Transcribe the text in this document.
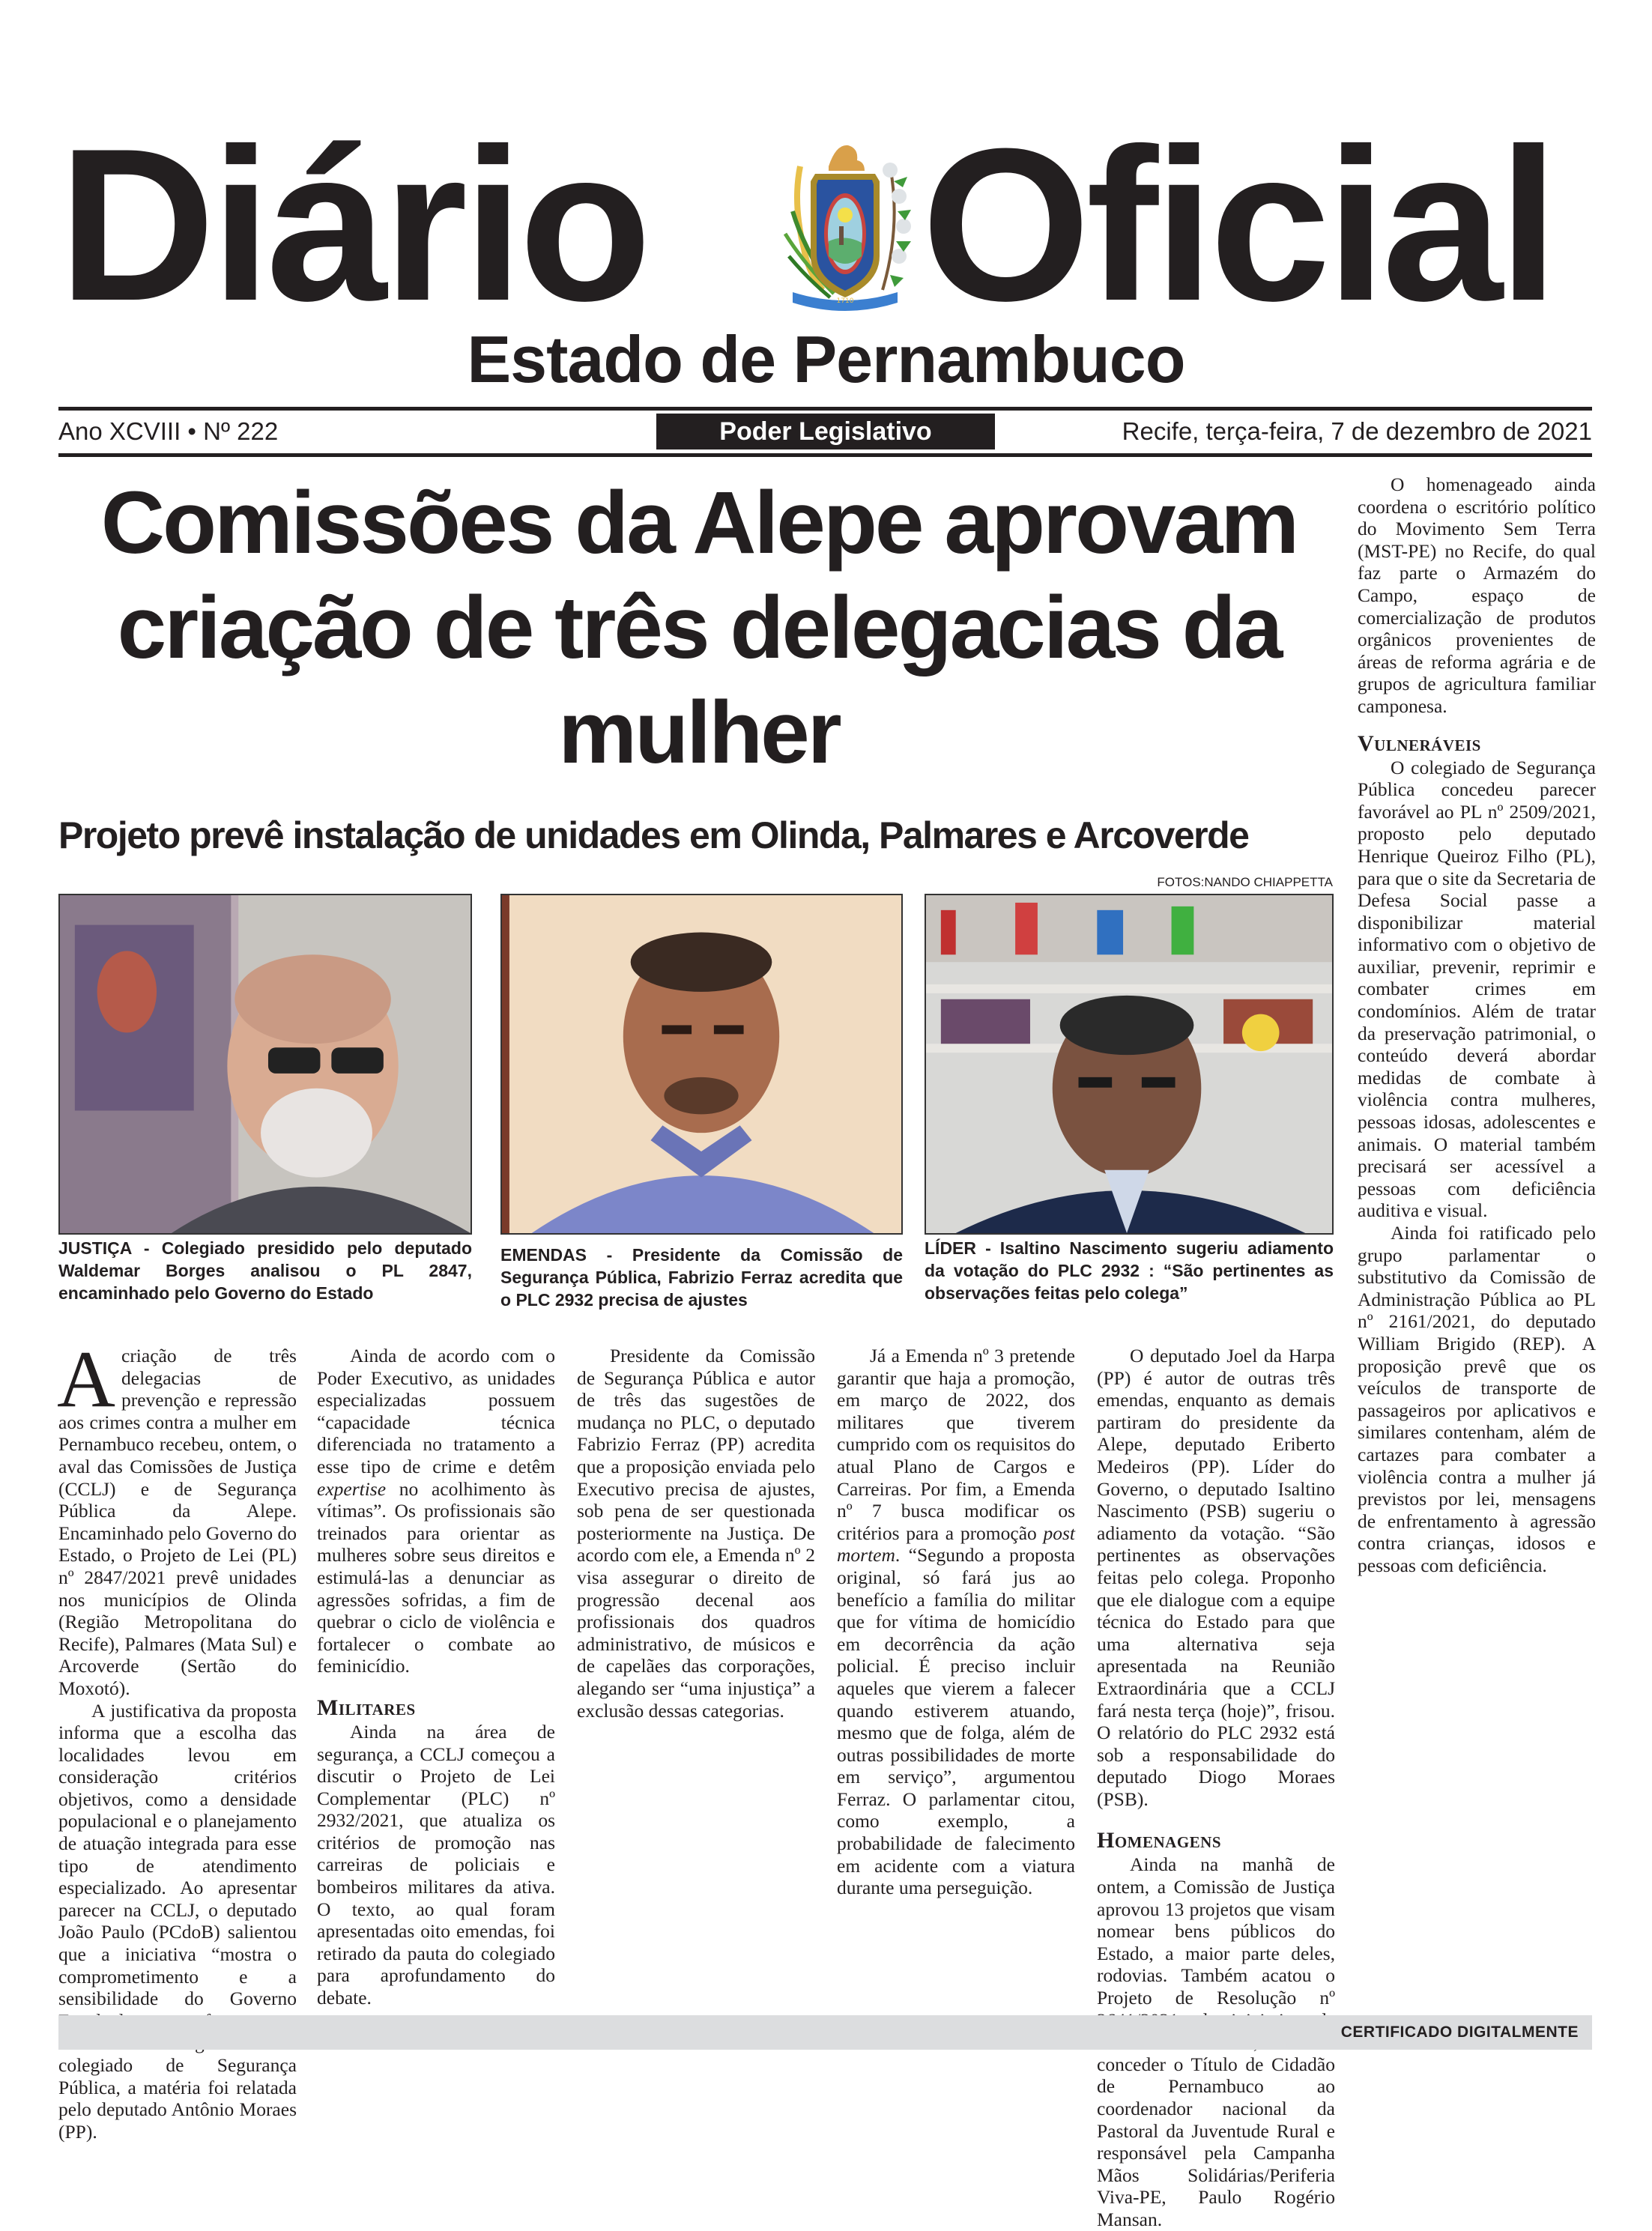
Diário	1710 Oficial
Estado de Pernambuco
Ano XCVIII • Nº 222	Poder Legislativo	Recife, terça-feira, 7 de dezembro de 2021
Comissões da Alepe aprovam criação de três delegacias da mulher
Projeto prevê instalação de unidades em Olinda, Palmares e Arcoverde
FOTOS:NANDO CHIAPPETTA
JUSTIÇA - Colegiado presidido pelo deputado Waldemar Borges analisou o PL 2847, encaminhado pelo Governo do Estado
EMENDAS - Presidente da Comissão de Segurança Pública, Fabrizio Ferraz acredita que o PLC 2932 precisa de ajustes
LÍDER - Isaltino Nascimento sugeriu adiamento da votação do PLC 2932 : “São pertinentes as observações feitas pelo colega”

A criação de três delegacias de prevenção e repressão aos crimes contra a mulher em Pernambuco recebeu, ontem, o aval das Comissões de Justiça (CCLJ) e de Segurança Pública da Alepe. Encaminhado pelo Governo do Estado, o Projeto de Lei (PL) nº 2847/2021 prevê unidades nos municípios de Olinda (Região Metropolitana do Recife), Palmares (Mata Sul) e Arcoverde (Sertão do Moxotó).

A justificativa da proposta informa que a escolha das localidades levou em consideração critérios objetivos, como a densidade populacional e o planejamento de atuação integrada para esse tipo de atendimento especializado. Ao apresentar parecer na CCLJ, o deputado João Paulo (PCdoB) salientou que a iniciativa “mostra o comprometimento e a sensibilidade do Governo colegiado de Segurança Pública, a matéria foi relatada pelo deputado Antônio Moraes (PP).

Ainda de acordo com o Poder Executivo, as unidades especializadas possuem “capacidade técnica diferenciada no tratamento a esse tipo de crime e detêm expertise no acolhimento às vítimas”. Os profissionais são treinados para orientar as mulheres sobre seus direitos e estimulá-las a denunciar as agressões sofridas, a fim de quebrar o ciclo de violência e fortalecer o combate ao feminicídio.

Militares

Ainda na área de segurança, a CCLJ começou a discutir o Projeto de Lei Complementar (PLC) nº 2932/2021, que atualiza os critérios de promoção nas carreiras de policiais e bombeiros militares da ativa. O texto, ao qual foram apresentadas oito emendas, foi retirado da pauta do colegiado para aprofundamento do debate.

Presidente da Comissão de Segurança Pública e autor de três das sugestões de mudança no PLC, o deputado Fabrizio Ferraz (PP) acredita que a proposição enviada pelo Executivo precisa de ajustes, sob pena de ser questionada posteriormente na Justiça. De acordo com ele, a Emenda nº 2 visa assegurar o direito de progressão decenal aos profissionais dos quadros administrativo, de músicos e de capelães das corporações, alegando ser “uma injustiça” a exclusão dessas categorias.

Já a Emenda nº 3 pretende garantir que haja a promoção, em março de 2022, dos militares que tiverem cumprido com os requisitos do atual Plano de Cargos e Carreiras. Por fim, a Emenda nº 7 busca modificar os critérios para a promoção post mortem. “Segundo a proposta original, só fará jus ao benefício a família do militar que for vítima de homicídio em decorrência da ação policial. É preciso incluir aqueles que vierem a falecer quando estiverem atuando, mesmo que de folga, além de outras possibilidades de morte em serviço”, argumentou Ferraz. O parlamentar citou, como exemplo, a probabilidade de falecimento em acidente com a viatura durante uma perseguição.

O deputado Joel da Harpa (PP) é autor de outras três emendas, enquanto as demais partiram do presidente da Alepe, deputado Eriberto Medeiros (PP). Líder do Governo, o deputado Isaltino Nascimento (PSB) sugeriu o adiamento da votação. “São pertinentes as observações feitas pelo colega. Proponho que ele dialogue com a equipe técnica do Estado para que uma alternativa seja apresentada na Reunião Extraordinária que a CCLJ fará nesta terça (hoje)”, frisou. O relatório do PLC 2932 está sob a responsabilidade do deputado Diogo Moraes (PSB).

Homenagens

Ainda na manhã de ontem, a Comissão de Justiça aprovou 13 projetos que visam nomear bens públicos do Estado, a maior parte deles, rodovias. Também acatou o Projeto de Resolução nº conceder o Título de Cidadão de Pernambuco ao coordenador nacional da Pastoral da Juventude Rural e responsável pela Campanha Mãos Solidárias/Periferia Viva-PE, Paulo Rogério Mansan.

O homenageado ainda coordena o escritório político do Movimento Sem Terra (MST-PE) no Recife, do qual faz parte o Armazém do Campo, espaço de comercialização de produtos orgânicos provenientes de áreas de reforma agrária e de grupos de agricultura familiar camponesa.

Vulneráveis

O colegiado de Segurança Pública concedeu parecer favorável ao PL nº 2509/2021, proposto pelo deputado Henrique Queiroz Filho (PL), para que o site da Secretaria de Defesa Social passe a disponibilizar material informativo com o objetivo de auxiliar, prevenir, reprimir e combater crimes em condomínios. Além de tratar da preservação patrimonial, o conteúdo deverá abordar medidas de combate à violência contra mulheres, pessoas idosas, adolescentes e animais. O material também precisará ser acessível a pessoas com deficiência auditiva e visual.

Ainda foi ratificado pelo grupo parlamentar o substitutivo da Comissão de Administração Pública ao PL nº 2161/2021, do deputado William Brigido (REP). A proposição prevê que os veículos de transporte de passageiros por aplicativos e similares contenham, além de cartazes para combater a violência contra a mulher já previstos por lei, mensagens de enfrentamento à agressão contra crianças, idosos e pessoas com deficiência.

CERTIFICADO DIGITALMENTE
